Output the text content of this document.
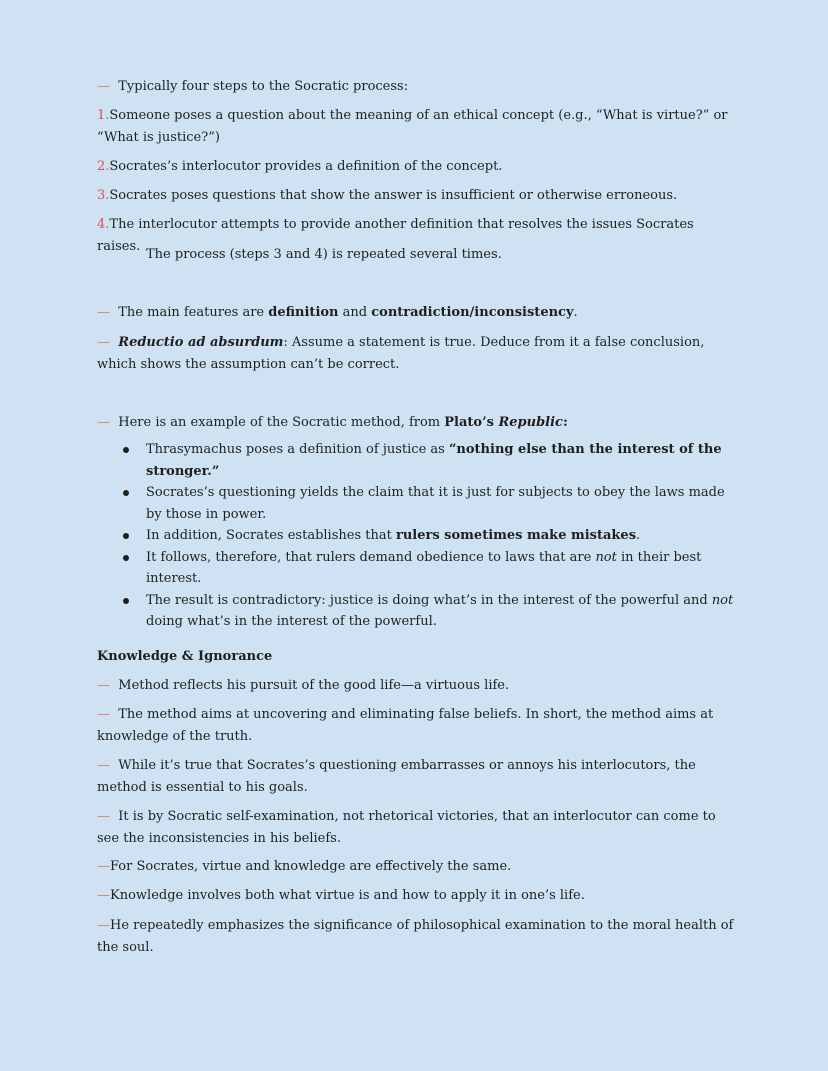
— Typically four steps to the Socratic process:
1.Someone poses a question about the meaning of an ethical concept (e.g., “What is virtue?” or “What is justice?”)
2.Socrates’s interlocutor provides a definition of the concept.
3.Socrates poses questions that show the answer is insufficient or otherwise erroneous.
4.The interlocutor attempts to provide another definition that resolves the issues Socrates raises.
The process (steps 3 and 4) is repeated several times.
— The main features are definition and contradiction/inconsistency.
— Reductio ad absurdum: Assume a statement is true. Deduce from it a false conclusion, which shows the assumption can’t be correct.
— Here is an example of the Socratic method, from Plato’s Republic:
Thrasymachus poses a definition of justice as “nothing else than the interest of the stronger.”
Socrates’s questioning yields the claim that it is just for subjects to obey the laws made by those in power.
In addition, Socrates establishes that rulers sometimes make mistakes.
It follows, therefore, that rulers demand obedience to laws that are not in their best interest.
The result is contradictory: justice is doing what’s in the interest of the powerful and not doing what’s in the interest of the powerful.
Knowledge & Ignorance
— Method reflects his pursuit of the good life—a virtuous life.
— The method aims at uncovering and eliminating false beliefs. In short, the method aims at knowledge of the truth.
— While it’s true that Socrates’s questioning embarrasses or annoys his interlocutors, the method is essential to his goals.
— It is by Socratic self-examination, not rhetorical victories, that an interlocutor can come to see the inconsistencies in his beliefs.
—For Socrates, virtue and knowledge are effectively the same.
—Knowledge involves both what virtue is and how to apply it in one’s life.
—He repeatedly emphasizes the significance of philosophical examination to the moral health of the soul.
